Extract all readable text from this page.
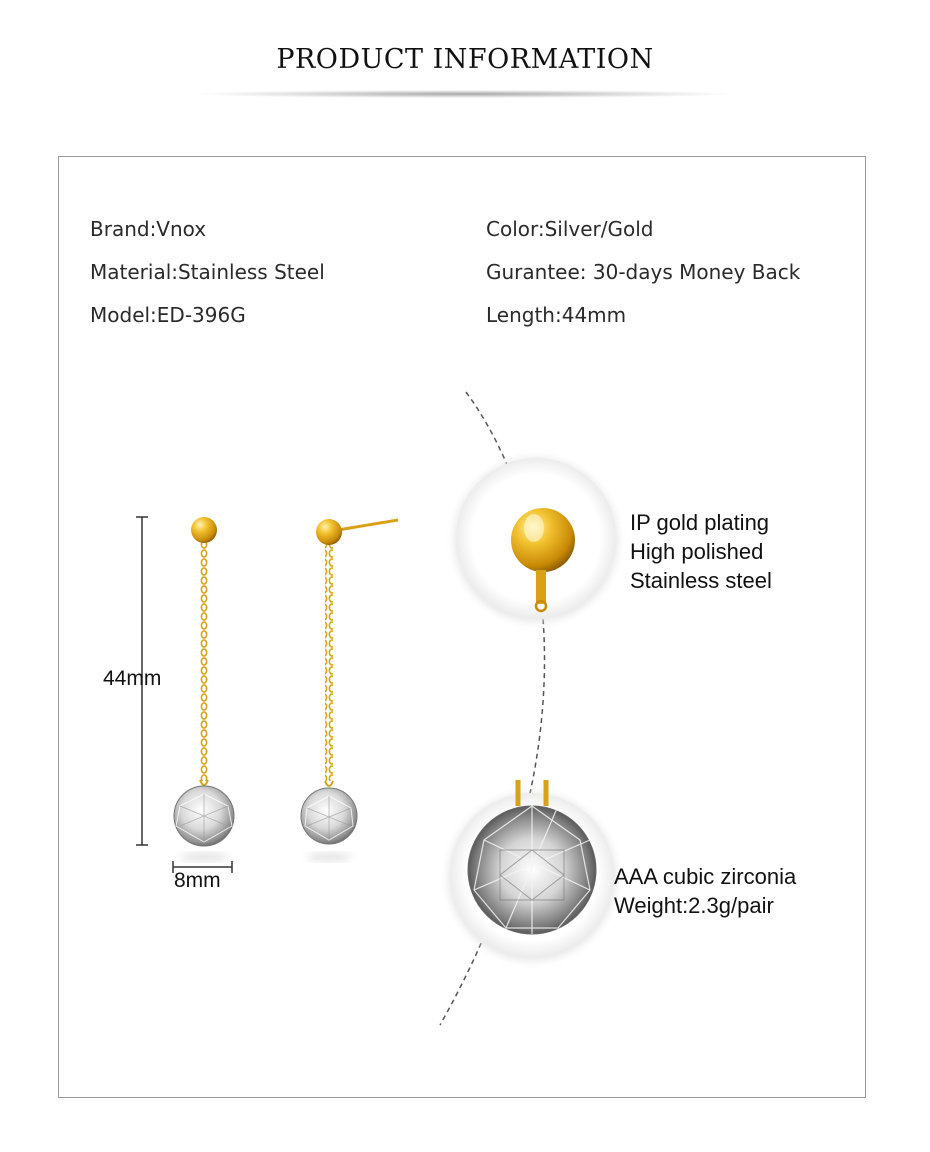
PRODUCT INFORMATION
Brand:Vnox
Material:Stainless Steel
Model:ED-396G
Color:Silver/Gold
Gurantee: 30-days Money Back
Length:44mm
44mm
8mm
IP gold plating
High polished
Stainless steel
AAA cubic zirconia
Weight:2.3g/pair
